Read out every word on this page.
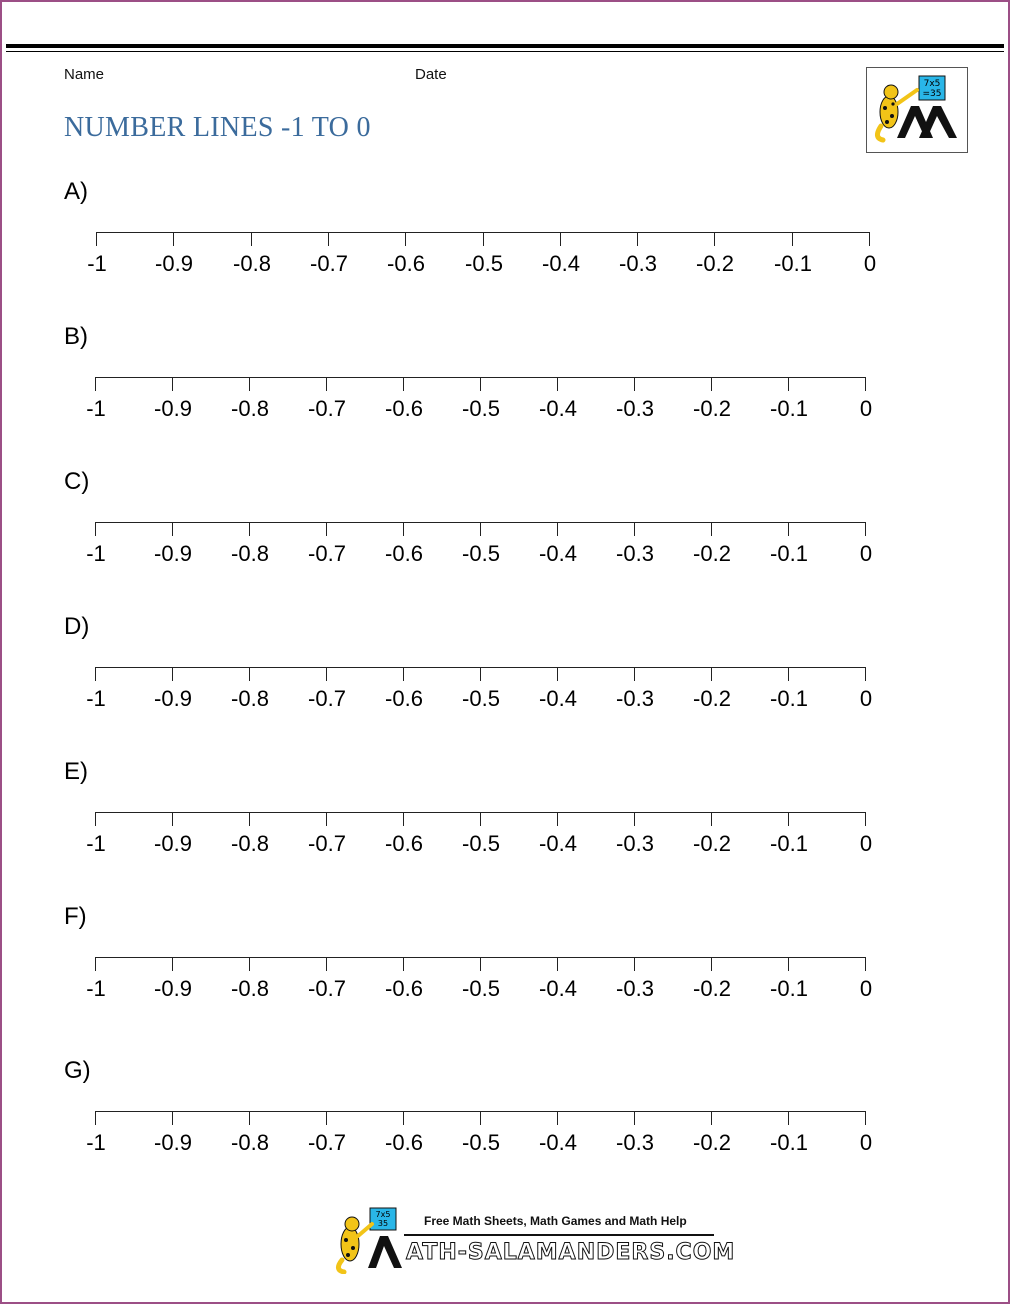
Name	Date
NUMBER LINES -1 TO 0
7x5
=35
A)
-1 -0.9 -0.8 -0.7 -0.6 -0.5 -0.4 -0.3 -0.2 -0.1 0
B)
-1 -0.9 -0.8 -0.7 -0.6 -0.5 -0.4 -0.3 -0.2 -0.1 0
C)
-1 -0.9 -0.8 -0.7 -0.6 -0.5 -0.4 -0.3 -0.2 -0.1 0
D)
-1 -0.9 -0.8 -0.7 -0.6 -0.5 -0.4 -0.3 -0.2 -0.1 0
E)
-1 -0.9 -0.8 -0.7 -0.6 -0.5 -0.4 -0.3 -0.2 -0.1 0
F)
-1 -0.9 -0.8 -0.7 -0.6 -0.5 -0.4 -0.3 -0.2 -0.1 0
G)
-1 -0.9 -0.8 -0.7 -0.6 -0.5 -0.4 -0.3 -0.2 -0.1 0
7x5
35	Free Math Sheets, Math Games and Math Help
ATH-SALAMANDERS.COM
